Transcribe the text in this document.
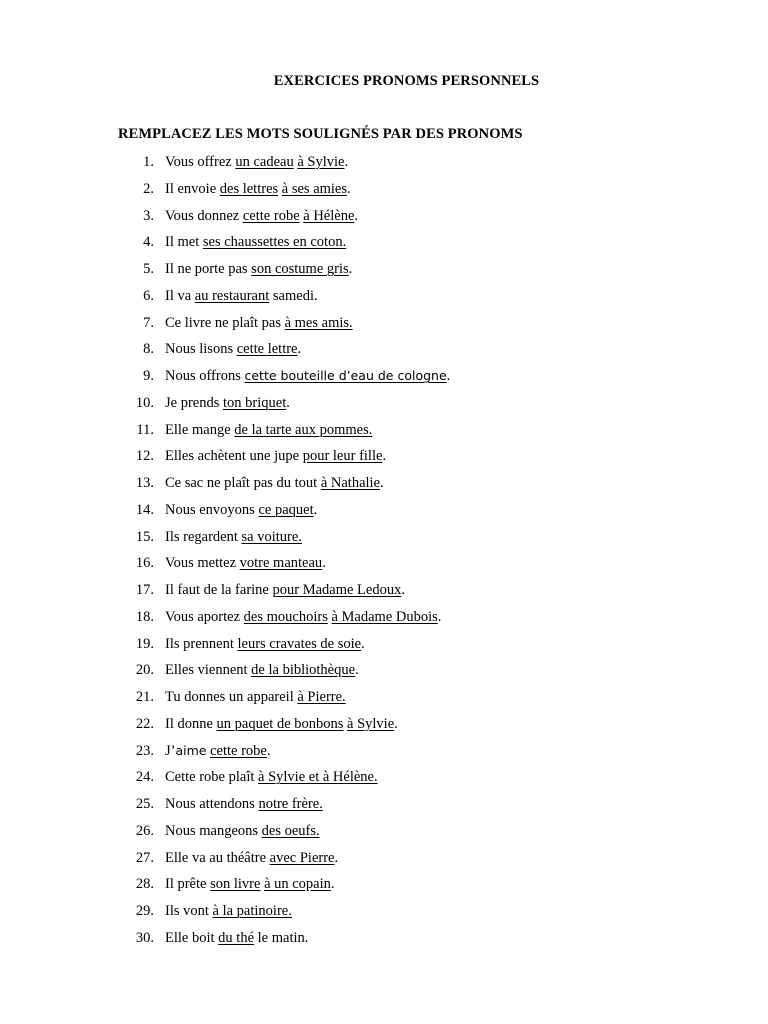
EXERCICES PRONOMS PERSONNELS
REMPLACEZ LES MOTS SOULIGNÉS PAR DES PRONOMS
1. Vous offrez un cadeau à Sylvie.
2. Il envoie des lettres à ses amies.
3. Vous donnez cette robe à Hélène.
4. Il met ses chaussettes en coton.
5. Il ne porte pas son costume gris.
6. Il va au restaurant samedi.
7. Ce livre ne plaît pas à mes amis.
8. Nous lisons cette lettre.
9. Nous offrons cette bouteille d’eau de cologne.
10. Je prends ton briquet.
11. Elle mange de la tarte aux pommes.
12. Elles achètent une jupe pour leur fille.
13. Ce sac ne plaît pas du tout à Nathalie.
14. Nous envoyons ce paquet.
15. Ils regardent sa voiture.
16. Vous mettez votre manteau.
17. Il faut de la farine pour Madame Ledoux.
18. Vous aportez des mouchoirs à Madame Dubois.
19. Ils prennent leurs cravates de soie.
20. Elles viennent de la bibliothèque.
21. Tu donnes un appareil à Pierre.
22. Il donne un paquet de bonbons à Sylvie.
23. J’aime cette robe.
24. Cette robe plaît à Sylvie et à Hélène.
25. Nous attendons notre frère.
26. Nous mangeons des oeufs.
27. Elle va au théâtre avec Pierre.
28. Il prête son livre à un copain.
29. Ils vont à la patinoire.
30. Elle boit du thé le matin.
